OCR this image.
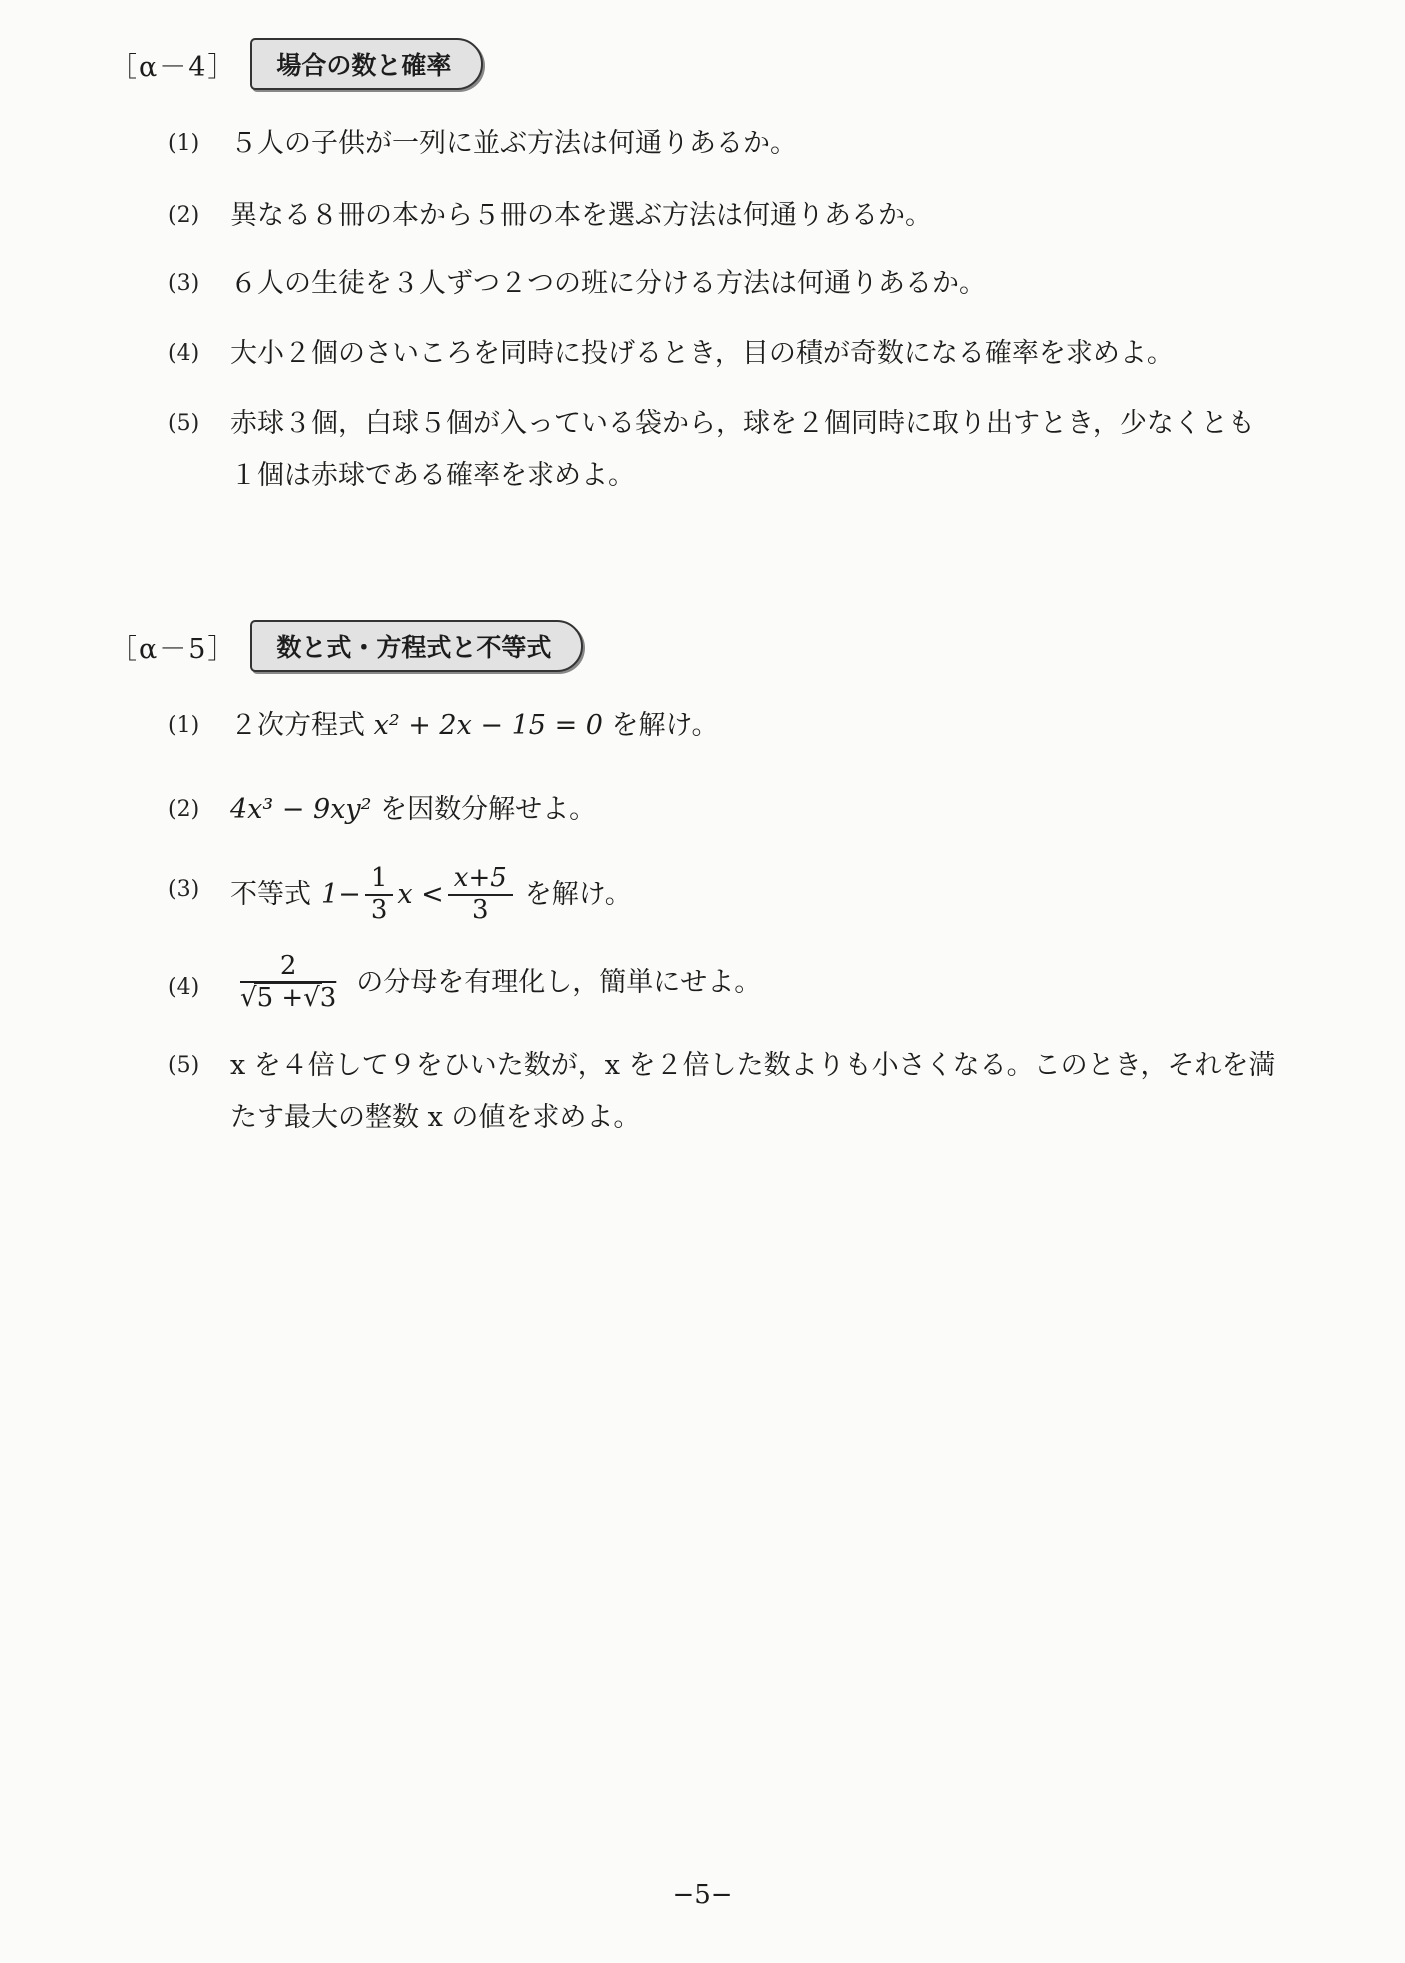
［α－4］	場合の数と確率
(1) ５人の子供が一列に並ぶ方法は何通りあるか。
(2) 異なる８冊の本から５冊の本を選ぶ方法は何通りあるか。
(3) ６人の生徒を３人ずつ２つの班に分ける方法は何通りあるか。
(4) 大小２個のさいころを同時に投げるとき，目の積が奇数になる確率を求めよ。
(5) 赤球３個，白球５個が入っている袋から，球を２個同時に取り出すとき，少なくとも
１個は赤球である確率を求めよ。
［α－5］	数と式・方程式と不等式
(1) ２次方程式 x² + 2x − 15 = 0 を解け。
(2) 4x³ − 9xy² を因数分解せよ。
(3) 不等式 $1- \frac{1}{3}$ $x < \frac{x+5}{3}$ を解け。
$(4) \frac{2}{√5 +√3}$ の分母を有理化し，簡単にせよ。
(5) x を４倍して９をひいた数が，x を２倍した数よりも小さくなる。このとき，それを満
たす最大の整数 x の値を求めよ。
−5−
